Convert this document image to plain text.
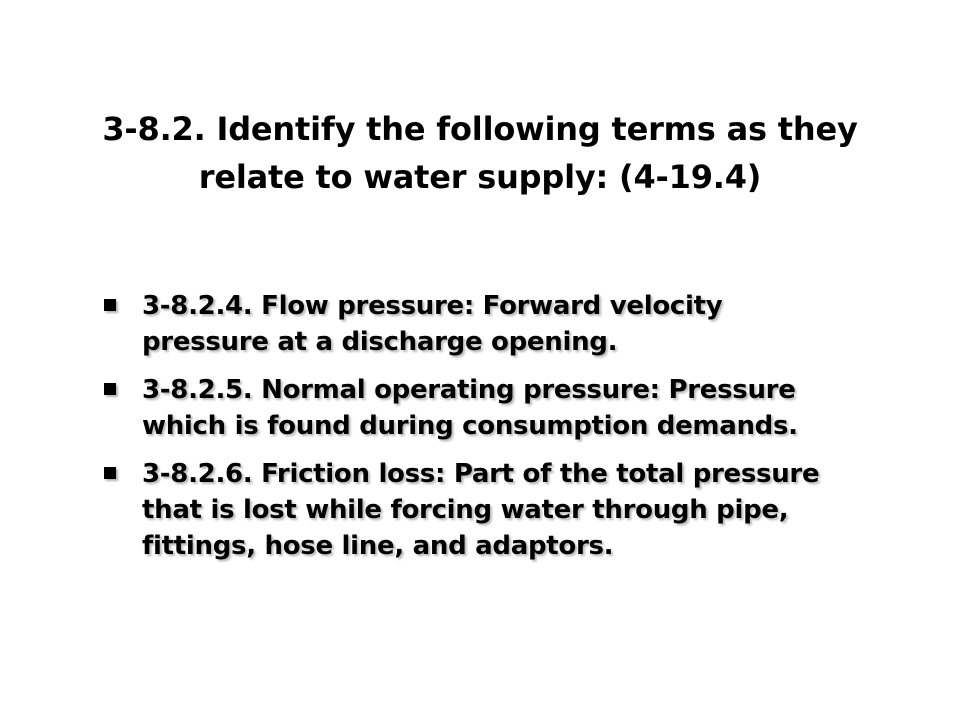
3-8.2. Identify the following terms as they
relate to water supply: (4-19.4)
3-8.2.4. Flow pressure: Forward velocity
pressure at a discharge opening.
3-8.2.5. Normal operating pressure: Pressure
which is found during consumption demands.
3-8.2.6. Friction loss: Part of the total pressure
that is lost while forcing water through pipe,
fittings, hose line, and adaptors.
